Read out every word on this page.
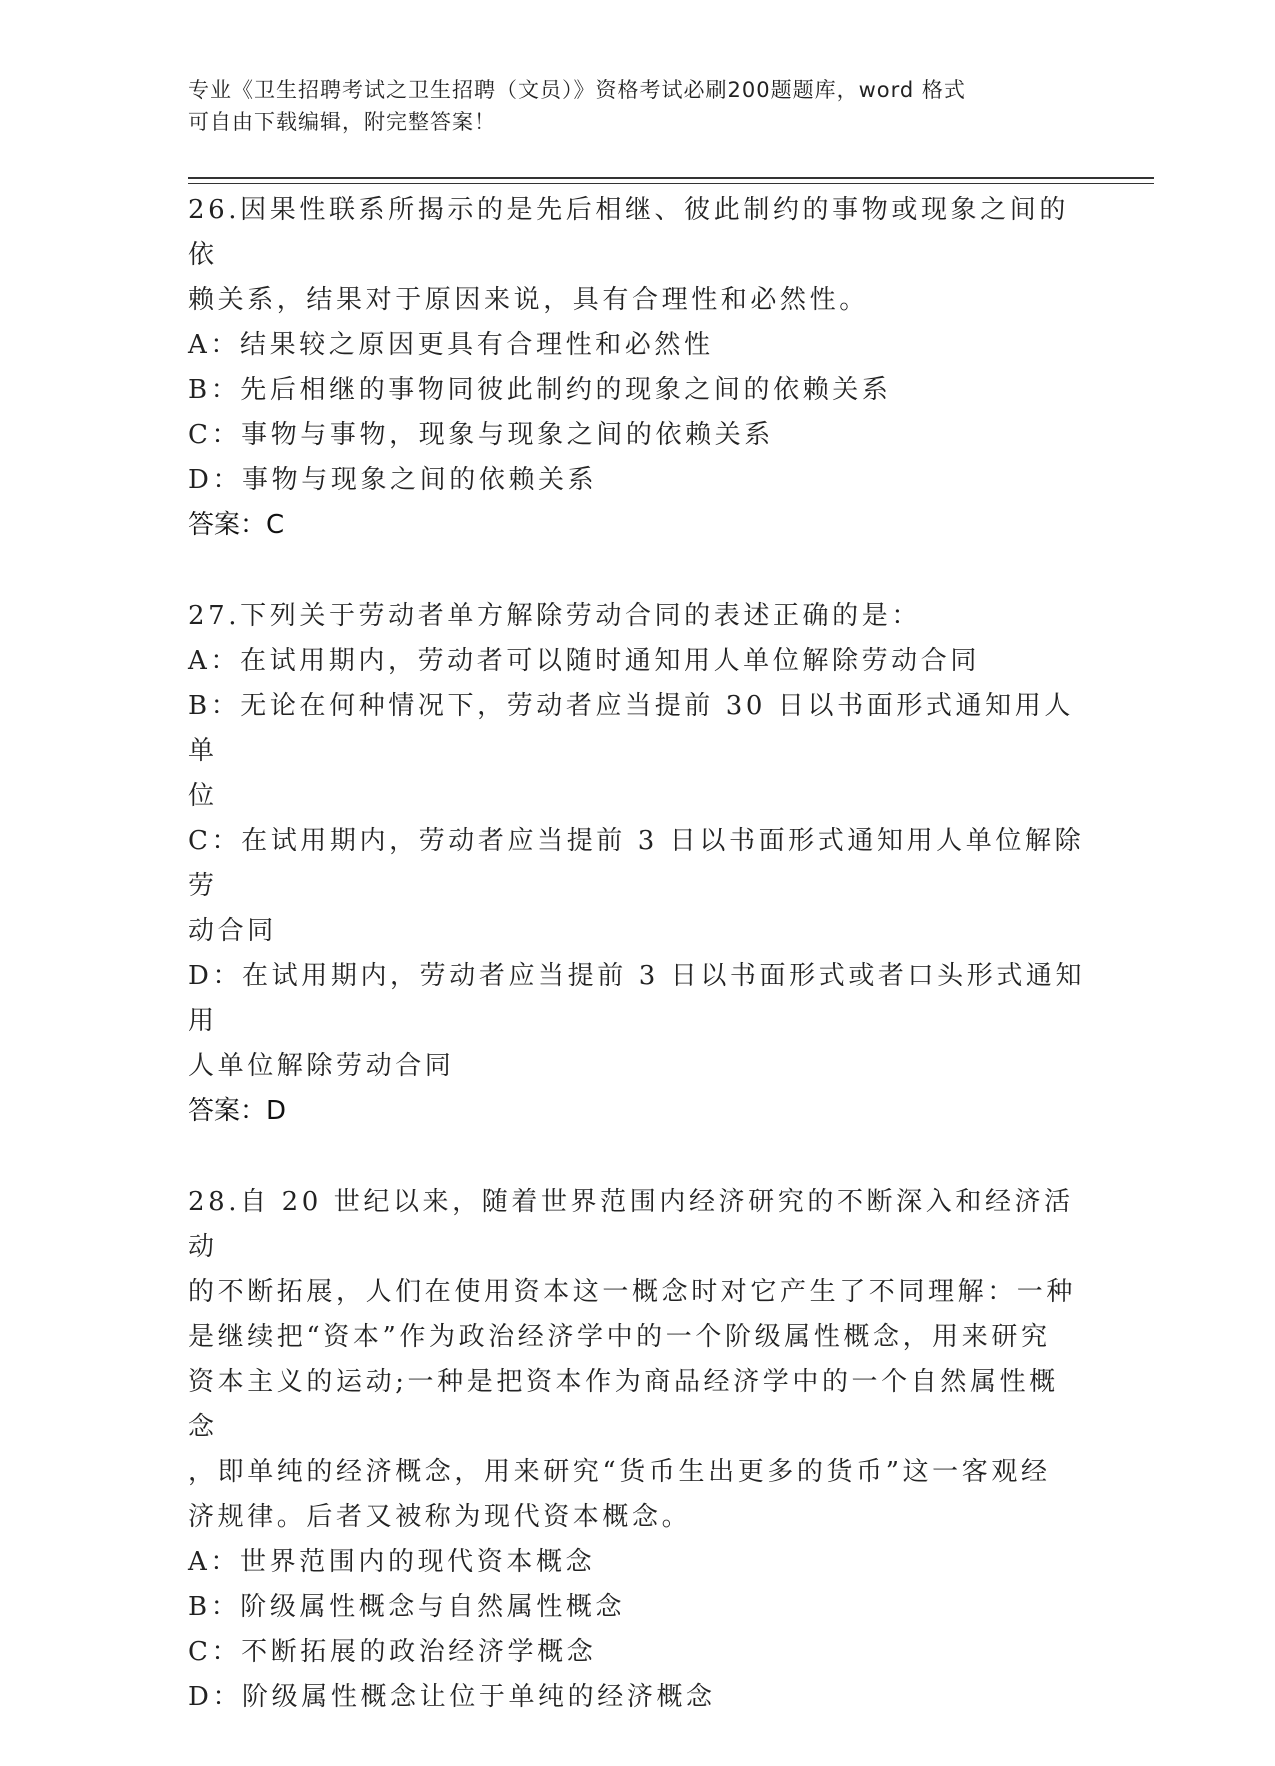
专业《卫生招聘考试之卫生招聘（文员）》资格考试必刷200题题库，word 格式
可自由下载编辑，附完整答案！
26.因果性联系所揭示的是先后相继、彼此制约的事物或现象之间的依
赖关系，结果对于原因来说，具有合理性和必然性。
A：结果较之原因更具有合理性和必然性
B：先后相继的事物同彼此制约的现象之间的依赖关系
C：事物与事物，现象与现象之间的依赖关系
D：事物与现象之间的依赖关系
答案：C
27.下列关于劳动者单方解除劳动合同的表述正确的是：
A：在试用期内，劳动者可以随时通知用人单位解除劳动合同
B：无论在何种情况下，劳动者应当提前 30 日以书面形式通知用人单
位
C：在试用期内，劳动者应当提前 3 日以书面形式通知用人单位解除劳
动合同
D：在试用期内，劳动者应当提前 3 日以书面形式或者口头形式通知用
人单位解除劳动合同
答案：D
28.自 20 世纪以来，随着世界范围内经济研究的不断深入和经济活动
的不断拓展，人们在使用资本这一概念时对它产生了不同理解：一种
是继续把“资本”作为政治经济学中的一个阶级属性概念，用来研究
资本主义的运动;一种是把资本作为商品经济学中的一个自然属性概念
，即单纯的经济概念，用来研究“货币生出更多的货币”这一客观经
济规律。后者又被称为现代资本概念。
A：世界范围内的现代资本概念
B：阶级属性概念与自然属性概念
C：不断拓展的政治经济学概念
D：阶级属性概念让位于单纯的经济概念
